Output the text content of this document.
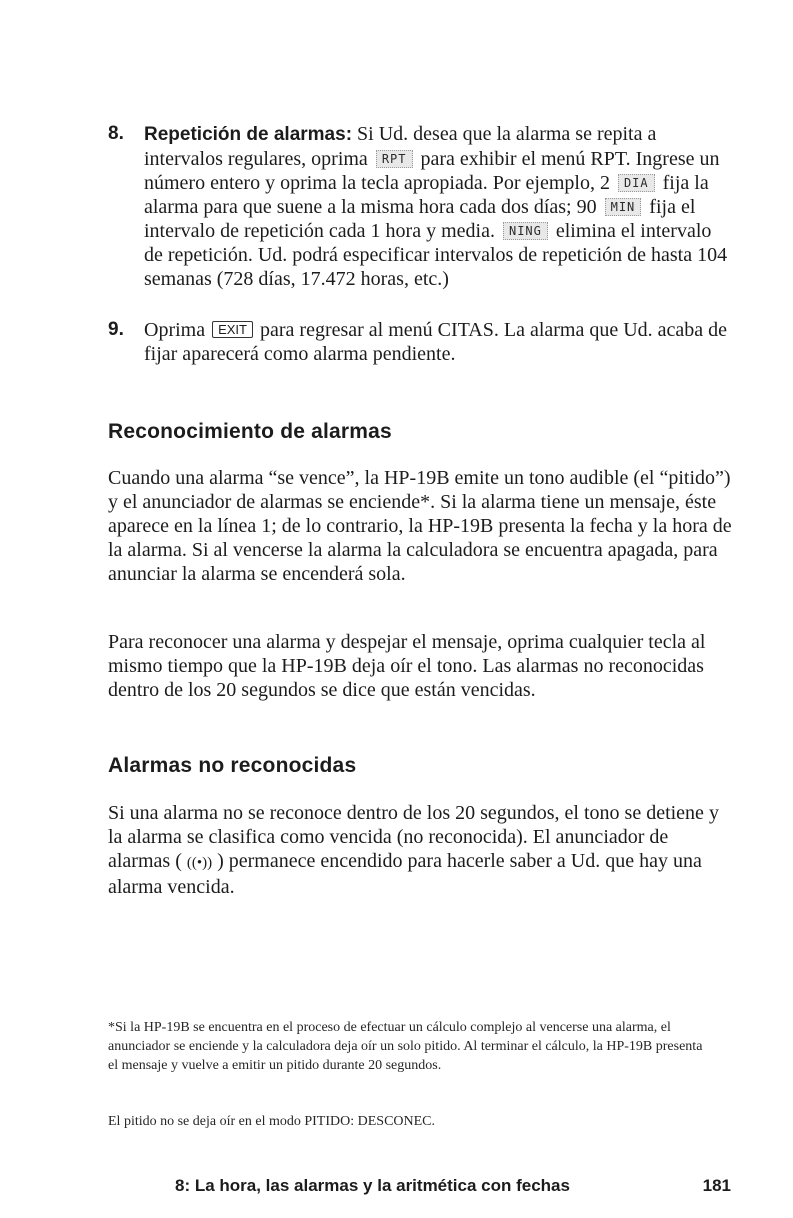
8. Repetición de alarmas: Si Ud. desea que la alarma se repita a intervalos regulares, oprima RPT para exhibir el menú RPT. Ingrese un número entero y oprima la tecla apropiada. Por ejemplo, 2 DIA fija la alarma para que suene a la misma hora cada dos días; 90 MIN fija el intervalo de repetición cada 1 hora y media. NING elimina el intervalo de repetición. Ud. podrá especificar intervalos de repetición de hasta 104 semanas (728 días, 17.472 horas, etc.)
9. Oprima EXIT para regresar al menú CITAS. La alarma que Ud. acaba de fijar aparecerá como alarma pendiente.
Reconocimiento de alarmas

Cuando una alarma “se vence”, la HP-19B emite un tono audible (el “pitido”) y el anunciador de alarmas se enciende*. Si la alarma tiene un mensaje, éste aparece en la línea 1; de lo contrario, la HP-19B presenta la fecha y la hora de la alarma. Si al vencerse la alarma la calculadora se encuentra apagada, para anunciar la alarma se encenderá sola.

Para reconocer una alarma y despejar el mensaje, oprima cualquier tecla al mismo tiempo que la HP-19B deja oír el tono. Las alarmas no reconocidas dentro de los 20 segundos se dice que están vencidas.

Alarmas no reconocidas

Si una alarma no se reconoce dentro de los 20 segundos, el tono se detiene y la alarma se clasifica como vencida (no reconocida). El anunciador de alarmas ( ((•)) ) permanece encendido para hacerle saber a Ud. que hay una alarma vencida.

*Si la HP-19B se encuentra en el proceso de efectuar un cálculo complejo al vencerse una alarma, el anunciador se enciende y la calculadora deja oír un solo pitido. Al terminar el cálculo, la HP-19B presenta el mensaje y vuelve a emitir un pitido durante 20 segundos.

El pitido no se deja oír en el modo PITIDO: DESCONEC.

8: La hora, las alarmas y la aritmética con fechas	181
